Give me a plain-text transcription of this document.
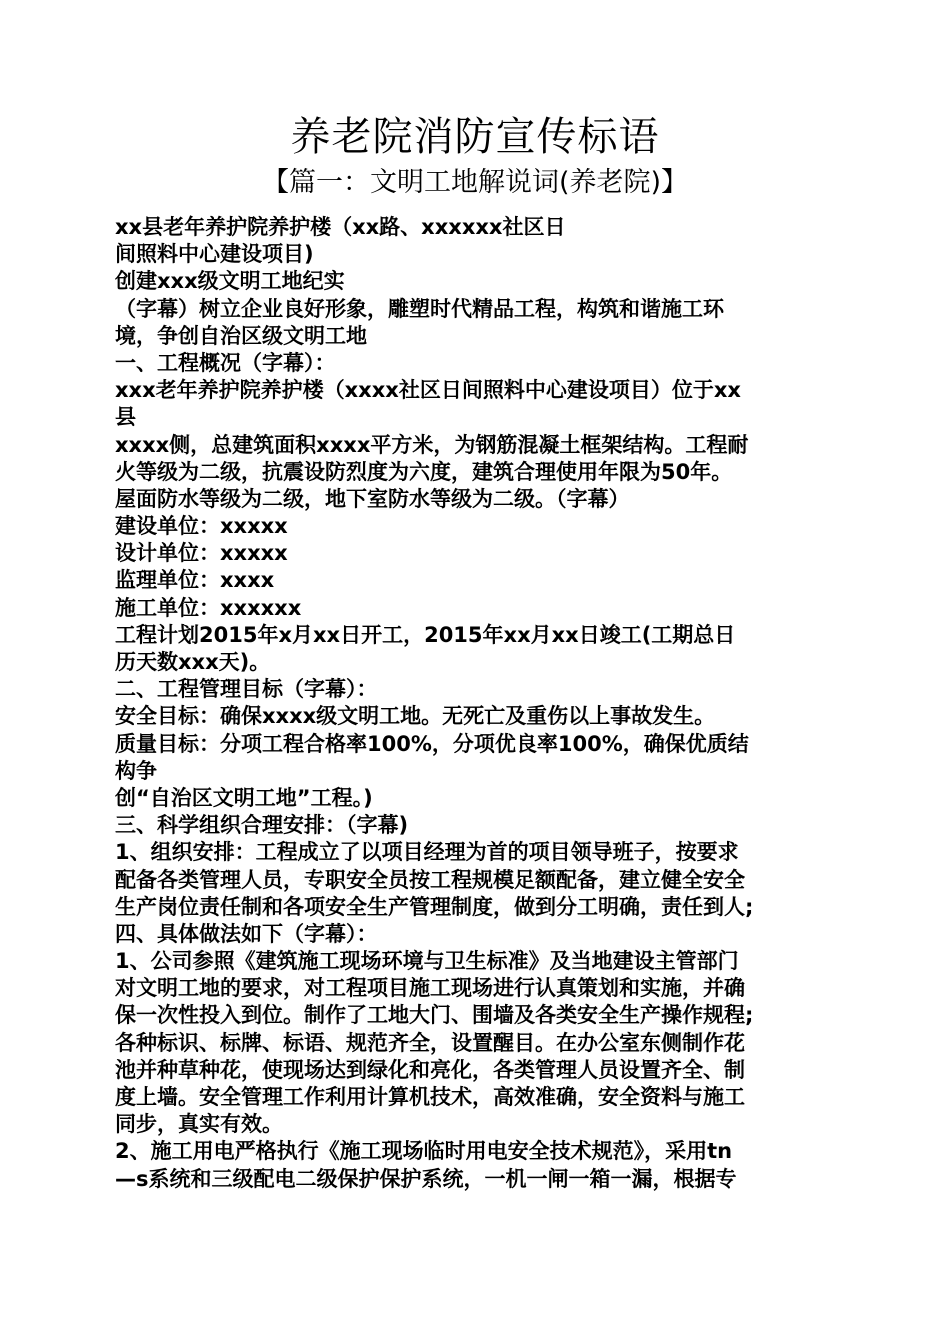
养老院消防宣传标语
【篇一：文明工地解说词(养老院)】
xx县老年养护院养护楼（xx路、xxxxxx社区日
间照料中心建设项目)
创建xxx级文明工地纪实
（字幕）树立企业良好形象，雕塑时代精品工程，构筑和谐施工环
境，争创自治区级文明工地
一、工程概况（字幕）：
xxx老年养护院养护楼（xxxx社区日间照料中心建设项目）位于xx
县
xxxx侧，总建筑面积xxxx平方米，为钢筋混凝土框架结构。工程耐
火等级为二级，抗震设防烈度为六度，建筑合理使用年限为50年。
屋面防水等级为二级，地下室防水等级为二级。（字幕）
建设单位：xxxxx
设计单位：xxxxx
监理单位：xxxx
施工单位：xxxxxx
工程计划2015年x月xx日开工，2015年xx月xx日竣工(工期总日
历天数xxx天)。
二、工程管理目标（字幕）：
安全目标：确保xxxx级文明工地。无死亡及重伤以上事故发生。
质量目标：分项工程合格率100%，分项优良率100%，确保优质结
构争
创“自治区文明工地”工程。)
三、科学组织合理安排：（字幕)
1、组织安排：工程成立了以项目经理为首的项目领导班子，按要求
配备各类管理人员，专职安全员按工程规模足额配备，建立健全安全
生产岗位责任制和各项安全生产管理制度，做到分工明确，责任到人;
四、具体做法如下（字幕）：
1、公司参照《建筑施工现场环境与卫生标准》及当地建设主管部门
对文明工地的要求，对工程项目施工现场进行认真策划和实施，并确
保一次性投入到位。制作了工地大门、围墙及各类安全生产操作规程;
各种标识、标牌、标语、规范齐全，设置醒目。在办公室东侧制作花
池并种草种花，使现场达到绿化和亮化，各类管理人员设置齐全、制
度上墙。安全管理工作利用计算机技术，高效准确，安全资料与施工
同步，真实有效。
2、施工用电严格执行《施工现场临时用电安全技术规范》，采用tn
—s系统和三级配电二级保护保护系统，一机一闸一箱一漏，根据专
